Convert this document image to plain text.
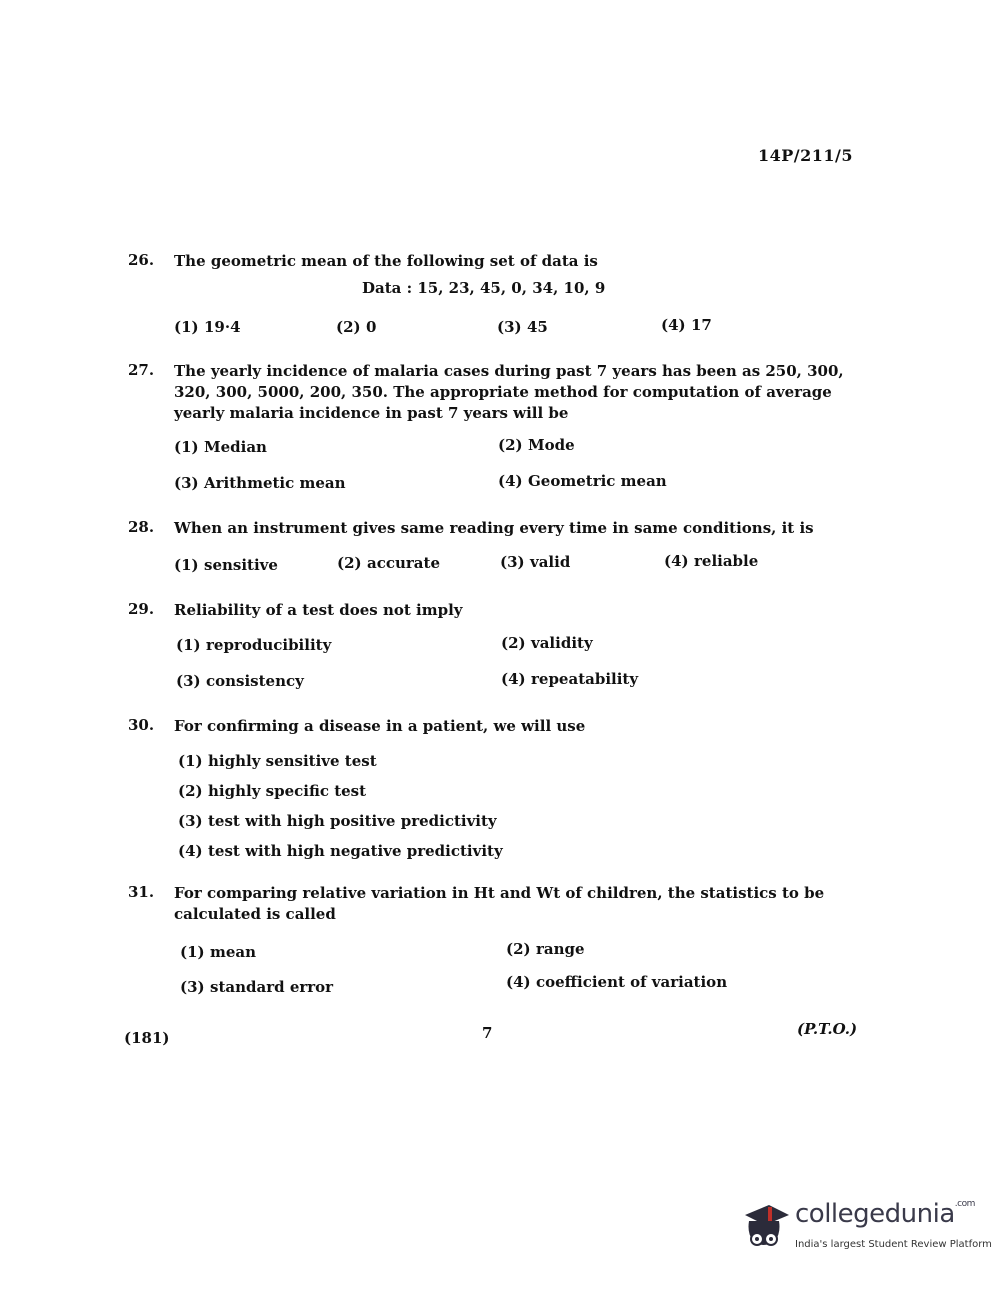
14P/211/5
26. The geometric mean of the following set of data is
Data : 15, 23, 45, 0, 34, 10, 9
(1) 19·4	(2) 0	(3) 45	(4) 17
27. The yearly incidence of malaria cases during past 7 years has been as 250, 300, 320, 300, 5000, 200, 350. The appropriate method for computation of average yearly malaria incidence in past 7 years will be
(1) Median	(2) Mode
(3) Arithmetic mean	(4) Geometric mean
28. When an instrument gives same reading every time in same conditions, it is
(1) sensitive	(2) accurate	(3) valid	(4) reliable
29. Reliability of a test does not imply
(1) reproducibility	(2) validity
(3) consistency	(4) repeatability
30. For confirming a disease in a patient, we will use
(1) highly sensitive test
(2) highly specific test
(3) test with high positive predictivity
(4) test with high negative predictivity
31. For comparing relative variation in Ht and Wt of children, the statistics to be calculated is called
(1) mean	(2) range
(3) standard error	(4) coefficient of variation
(181)	7	(P.T.O.)
collegedunia$^{.com}$
India's largest Student Review Platform
